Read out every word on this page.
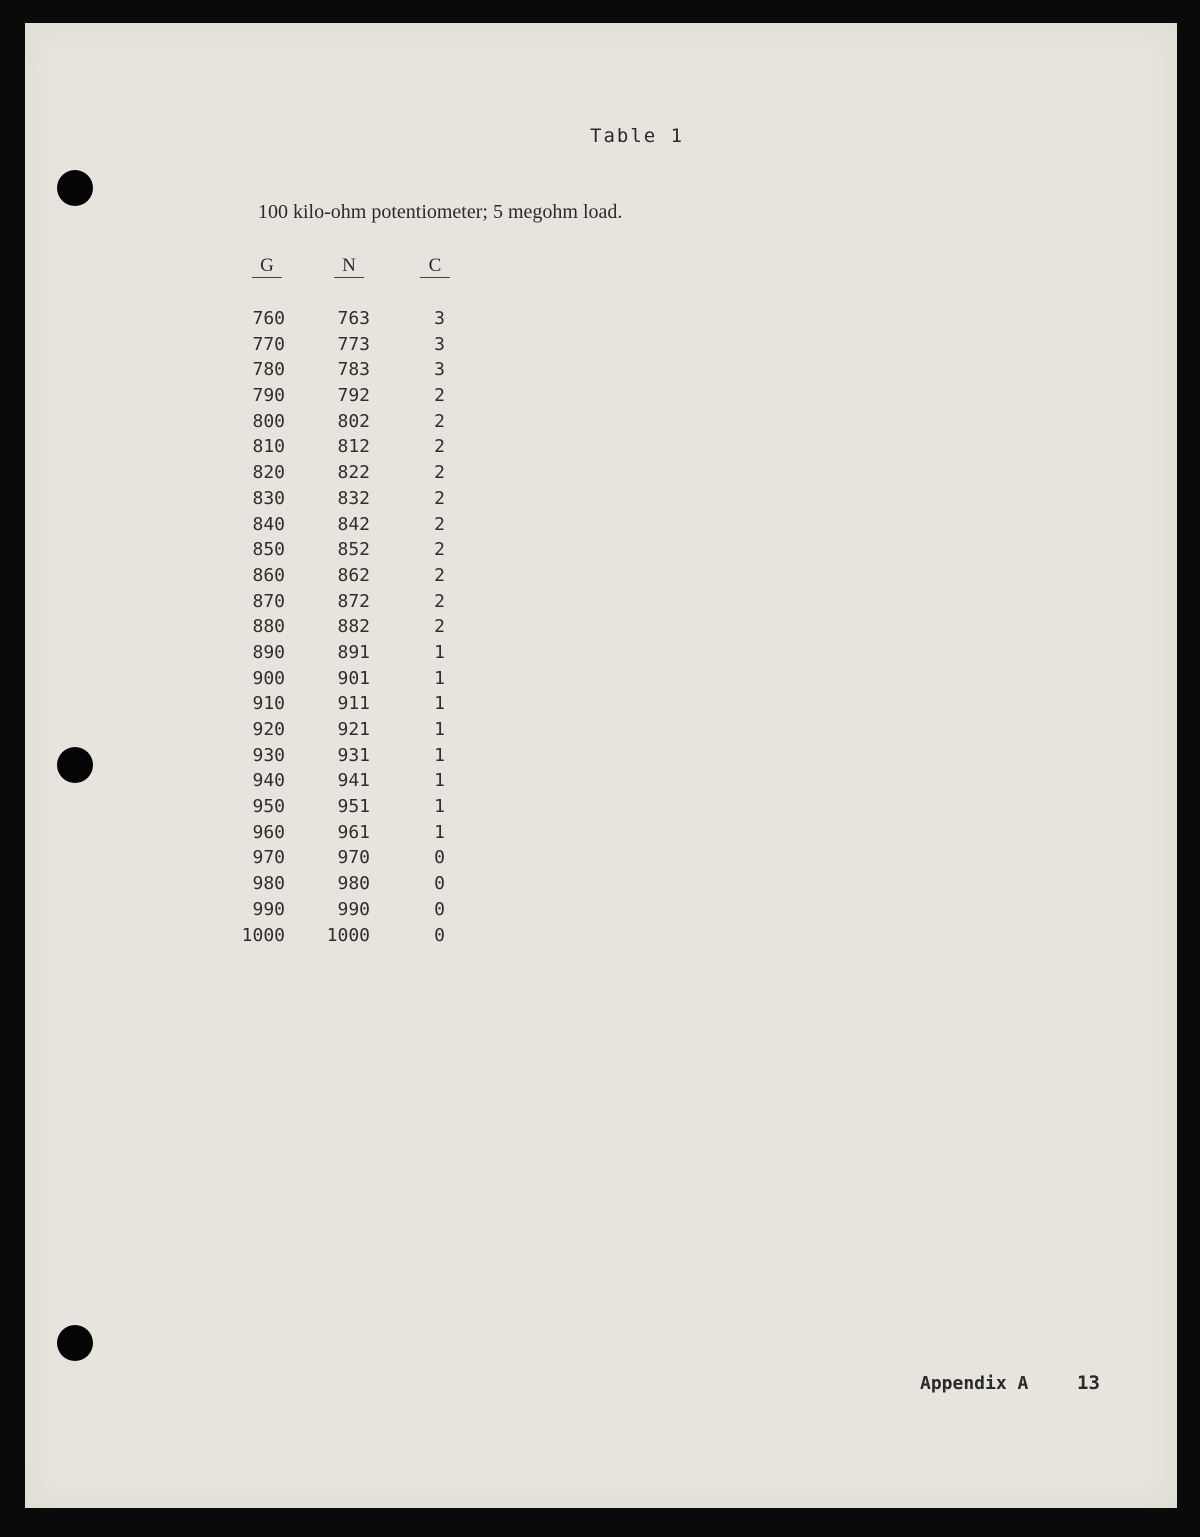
Table 1
100 kilo-ohm potentiometer; 5 megohm load.
G	N	C
760	763	3
770	773	3
780	783	3
790	792	2
800	802	2
810	812	2
820	822	2
830	832	2
840	842	2
850	852	2
860	862	2
870	872	2
880	882	2
890	891	1
900	901	1
910	911	1
920	921	1
930	931	1
940	941	1
950	951	1
960	961	1
970	970	0
980	980	0
990	990	0
1000	1000	0
Appendix A	13
